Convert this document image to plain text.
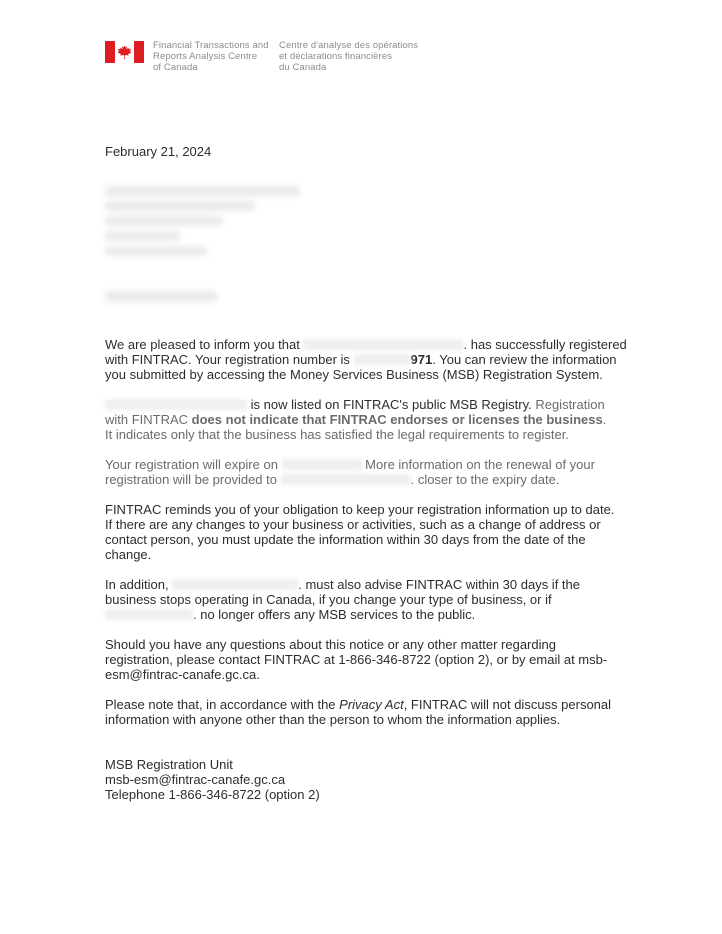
Financial Transactions and
Reports Analysis Centre
of Canada
Centre d'analyse des opérations
et déclarations financières
du Canada
February 21, 2024
We are pleased to inform you that	. has successfully registered
with FINTRAC. Your registration number is	971. You can review the information
you submitted by accessing the Money Services Business (MSB) Registration System.
is now listed on FINTRAC's public MSB Registry. Registration
with FINTRAC does not indicate that FINTRAC endorses or licenses the business.
It indicates only that the business has satisfied the legal requirements to register.
Your registration will expire on	More information on the renewal of your
registration will be provided to	. closer to the expiry date.
FINTRAC reminds you of your obligation to keep your registration information up to date.
If there are any changes to your business or activities, such as a change of address or
contact person, you must update the information within 30 days from the date of the
change.
In addition,	. must also advise FINTRAC within 30 days if the
business stops operating in Canada, if you change your type of business, or if
. no longer offers any MSB services to the public.
Should you have any questions about this notice or any other matter regarding
registration, please contact FINTRAC at 1-866-346-8722 (option 2), or by email at msb-
esm@fintrac-canafe.gc.ca.
Please note that, in accordance with the Privacy Act, FINTRAC will not discuss personal
information with anyone other than the person to whom the information applies.
MSB Registration Unit
msb-esm@fintrac-canafe.gc.ca
Telephone 1-866-346-8722 (option 2)
